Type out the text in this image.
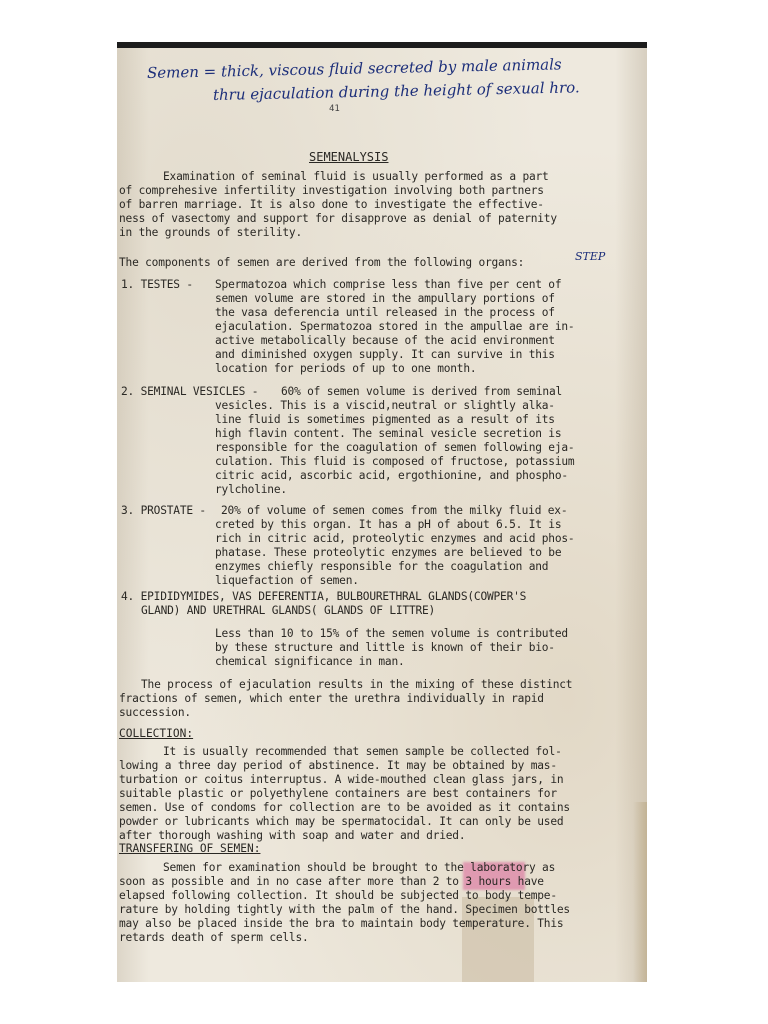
Semen = thick, viscous fluid secreted by male animals
thru ejaculation during the height of sexual hro.
41
SEMENALYSIS
Examination of seminal fluid is usually performed as a part
of comprehesive infertility investigation involving both partners
of barren marriage. It is also done to investigate the effective-
ness of vasectomy and support for disapprove as denial of paternity
in the grounds of sterility.
The components of semen are derived from the following organs:	STEP
1. TESTES - Spermatozoa which comprise less than five per cent of
semen volume are stored in the ampullary portions of
the vasa deferencia until released in the process of
ejaculation. Spermatozoa stored in the ampullae are in-
active metabolically because of the acid environment
and diminished oxygen supply. It can survive in this
location for periods of up to one month.
2. SEMINAL VESICLES - 60% of semen volume is derived from seminal
vesicles. This is a viscid,neutral or slightly alka-
line fluid is sometimes pigmented as a result of its
high flavin content. The seminal vesicle secretion is
responsible for the coagulation of semen following eja-
culation. This fluid is composed of fructose, potassium
citric acid, ascorbic acid, ergothionine, and phospho-
rylcholine.
3. PROSTATE - 20% of volume of semen comes from the milky fluid ex-
creted by this organ. It has a pH of about 6.5. It is
rich in citric acid, proteolytic enzymes and acid phos-
phatase. These proteolytic enzymes are believed to be
enzymes chiefly responsible for the coagulation and
liquefaction of semen.
4. EPIDIDYMIDES, VAS DEFERENTIA, BULBOURETHRAL GLANDS(COWPER'S
GLAND) AND URETHRAL GLANDS( GLANDS OF LITTRE)
Less than 10 to 15% of the semen volume is contributed
by these structure and little is known of their bio-
chemical significance in man.
The process of ejaculation results in the mixing of these distinct
fractions of semen, which enter the urethra individually in rapid
succession.
COLLECTION:
It is usually recommended that semen sample be collected fol-
lowing a three day period of abstinence. It may be obtained by mas-
turbation or coitus interruptus. A wide-mouthed clean glass jars, in
suitable plastic or polyethylene containers are best containers for
semen. Use of condoms for collection are to be avoided as it contains
powder or lubricants which may be spermatocidal. It can only be used
after thorough washing with soap and water and dried.
TRANSFERING OF SEMEN:
Semen for examination should be brought to the laboratory as
soon as possible and in no case after more than 2 to 3 hours have
elapsed following collection. It should be subjected to body tempe-
rature by holding tightly with the palm of the hand. Specimen bottles
may also be placed inside the bra to maintain body temperature. This
retards death of sperm cells.
